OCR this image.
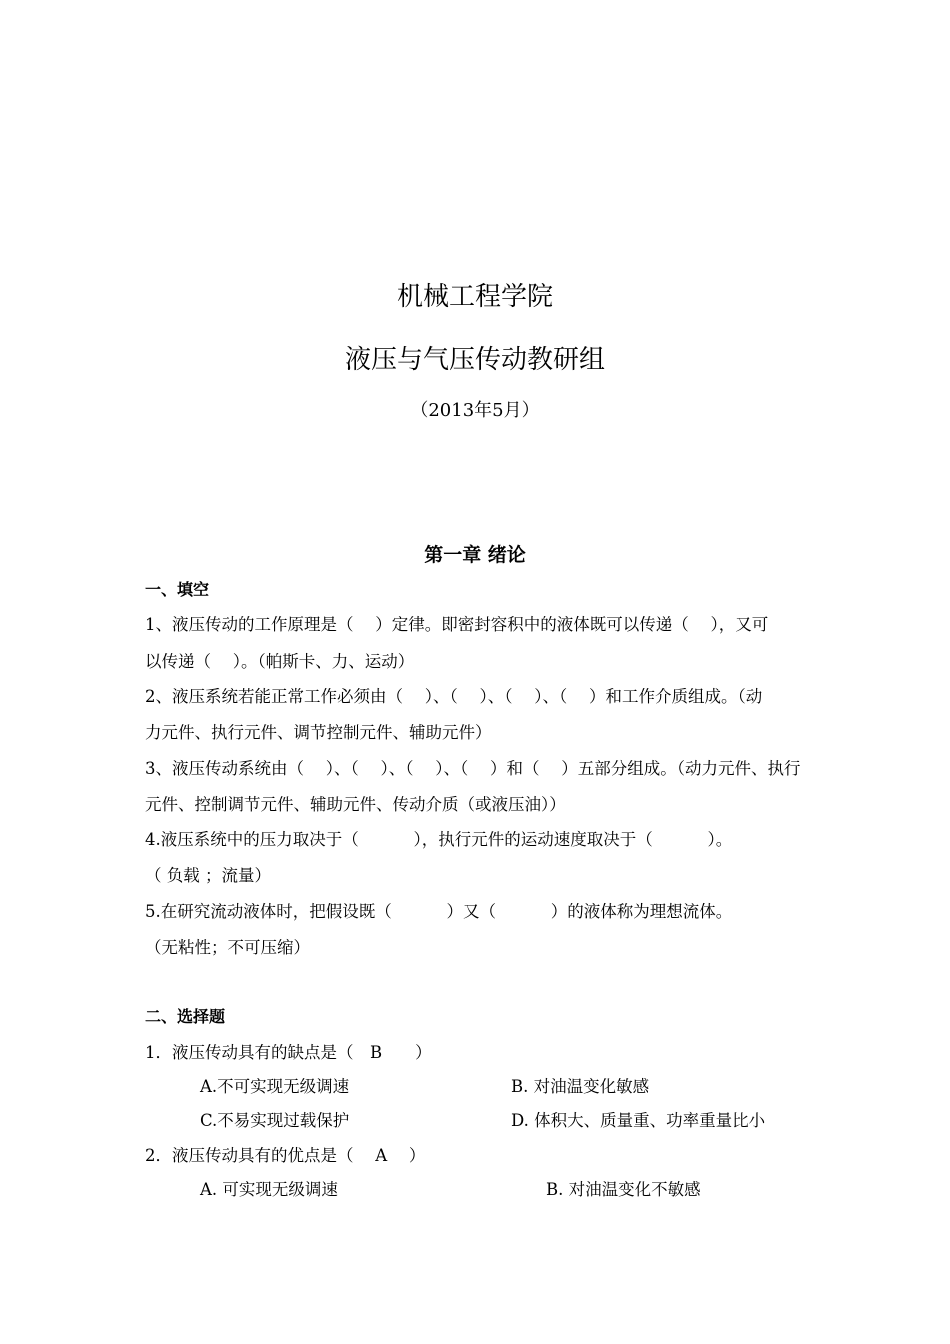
机械工程学院
液压与气压传动教研组
（2013年5月）
第一章 绪论
一、填空
1、液压传动的工作原理是（　 ）定律。即密封容积中的液体既可以传递（　 ），又可
以传递（　 ）。（帕斯卡、力、运动）
2、液压系统若能正常工作必须由（　 ）、（　 ）、（　 ）、（　 ）和工作介质组成。（动
力元件、执行元件、调节控制元件、辅助元件）
3、液压传动系统由（　 ）、（　 ）、（　 ）、（　 ）和（　 ）五部分组成。（动力元件、执行
元件、控制调节元件、辅助元件、传动介质（或液压油））
4.液压系统中的压力取决于（　　　 ），执行元件的运动速度取决于（　　　 ）。
（ 负载 ；流量）
5.在研究流动液体时，把假设既（　　　 ）又（　　　 ）的液体称为理想流体。
（无粘性；不可压缩）
二、选择题
1．液压传动具有的缺点是（　B　　）
A.不可实现无级调速	B. 对油温变化敏感
C.不易实现过载保护	D. 体积大、质量重、功率重量比小
2．液压传动具有的优点是（　 A　 ）
A. 可实现无级调速	B. 对油温变化不敏感
